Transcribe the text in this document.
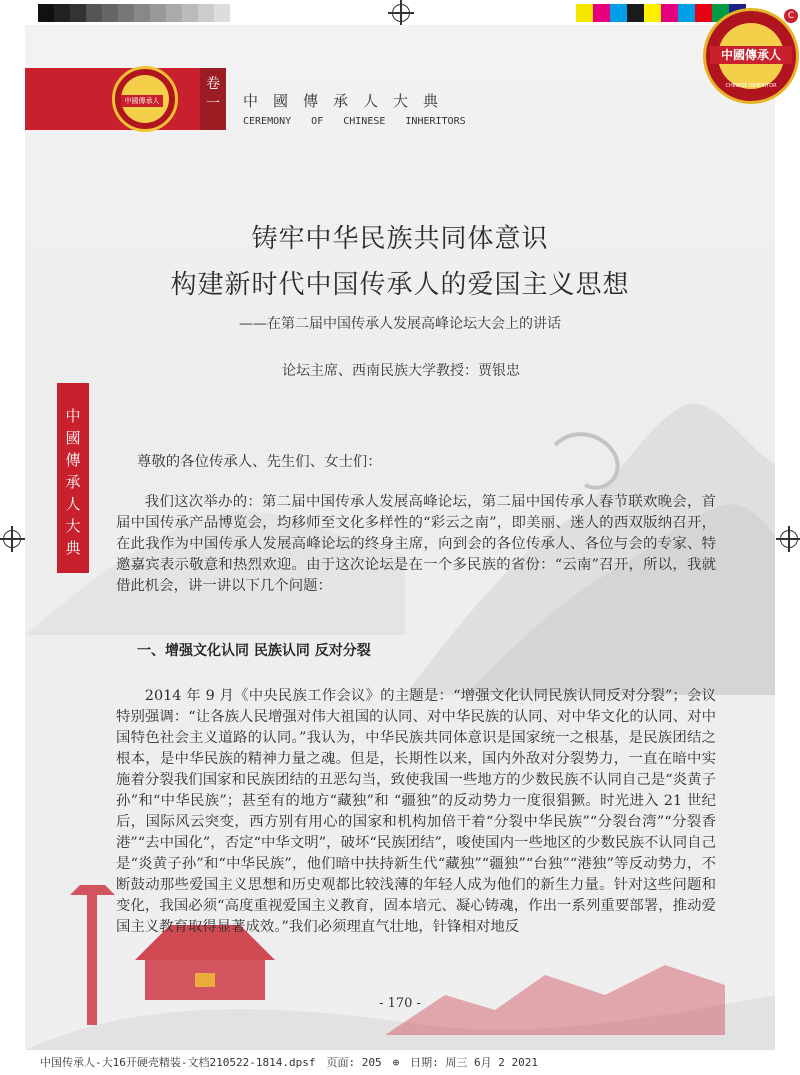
中國傳承人
卷一	中國傳承人大典
CEREMONY OF CHINESE INHERITORS
中國傳承人
CHINESE INHERITOR
C
中國傳承人大典
铸牢中华民族共同体意识
构建新时代中国传承人的爱国主义思想
——在第二届中国传承人发展高峰论坛大会上的讲话
论坛主席、西南民族大学教授：贾银忠

尊敬的各位传承人、先生们、女士们：

我们这次举办的：第二届中国传承人发展高峰论坛，第二届中国传承人春节联欢晚会，首届中国传承产品博览会，均移师至文化多样性的“彩云之南”，即美丽、迷人的西双版纳召开，在此我作为中国传承人发展高峰论坛的终身主席，向到会的各位传承人、各位与会的专家、特邀嘉宾表示敬意和热烈欢迎。由于这次论坛是在一个多民族的省份：“云南”召开，所以，我就借此机会，讲一讲以下几个问题：

一、增强文化认同 民族认同 反对分裂

2014 年 9 月《中央民族工作会议》的主题是：“增强文化认同民族认同反对分裂”；会议特别强调：“让各族人民增强对伟大祖国的认同、对中华民族的认同、对中华文化的认同、对中国特色社会主义道路的认同。”我认为，中华民族共同体意识是国家统一之根基，是民族团结之根本，是中华民族的精神力量之魂。但是，长期性以来，国内外敌对分裂势力，一直在暗中实施着分裂我们国家和民族团结的丑恶勾当，致使我国一些地方的少数民族不认同自己是“炎黄子孙”和“中华民族”；甚至有的地方“藏独”和 “疆独”的反动势力一度很猖獗。时光进入 21 世纪后，国际风云突变，西方别有用心的国家和机构加倍干着“分裂中华民族”“分裂台湾”“分裂香港”“去中国化”，否定“中华文明”，破坏“民族团结”，唆使国内一些地区的少数民族不认同自己是“炎黄子孙”和“中华民族”，他们暗中扶持新生代“藏独”“疆独”“台独”“港独”等反动势力，不断鼓动那些爱国主义思想和历史观都比较浅薄的年轻人成为他们的新生力量。针对这些问题和变化，我国必须“高度重视爱国主义教育，固本培元、凝心铸魂，作出一系列重要部署，推动爱国主义教育取得显著成效。”我们必须理直气壮地，针锋相对地反

- 170 -
中国传承人-大16开硬壳精装-文档210522-1814.dpsf　页面: 205　⊕　日期: 周三 6月 2 2021
